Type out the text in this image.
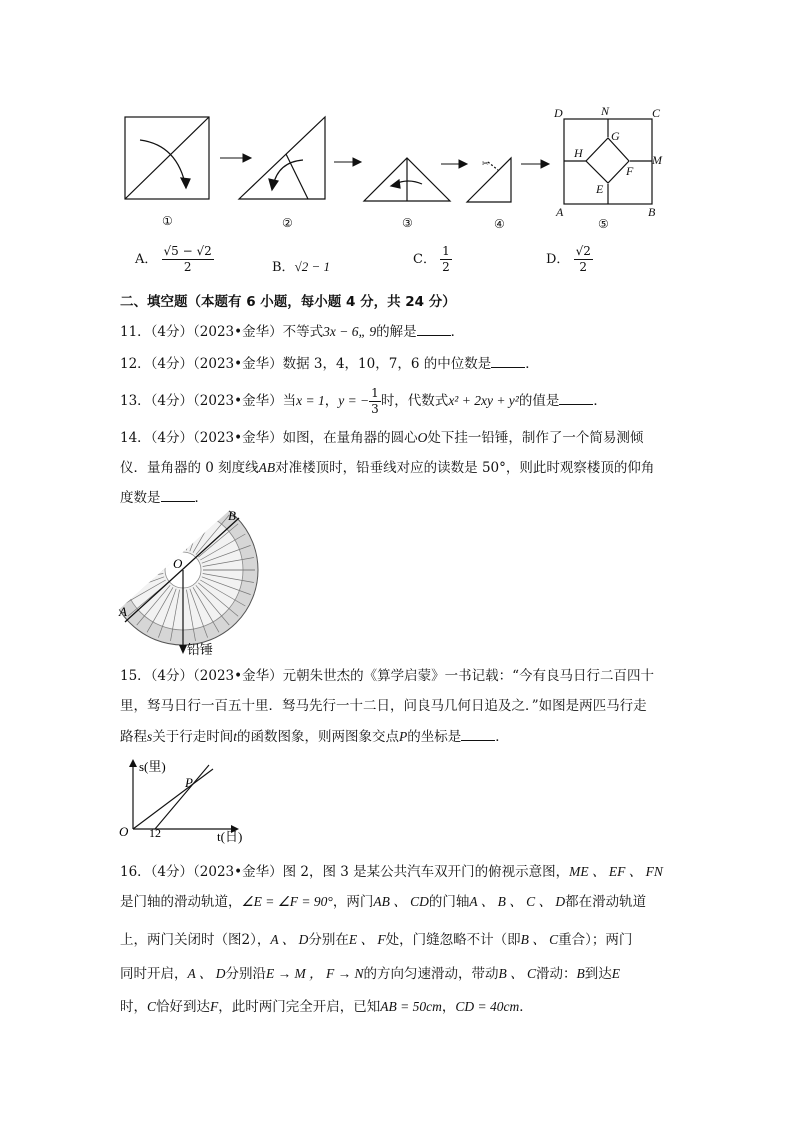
✂
D	N	C
G
H	M
F
E
A	B
①	②	③	④	⑤
A． $\frac{√5 - √2}{2}$	B．√2 − 1	C． $\frac{1}{2}$	D． $\frac{√2}{2}$
二、填空题（本题有 6 小题，每小题 4 分，共 24 分）
11．（4分）（2023•金华）不等式3x − 6„ 9的解是	．
12．（4分）（2023•金华）数据 3，4，10，7，6 的中位数是	．
13．（4分）（2023•金华）当x = 1，y = − $\frac{1}{3}$ 时，代数式x² + 2xy + y²的值是	．
14．（4分）（2023•金华）如图，在量角器的圆心O处下挂一铅锤，制作了一个简易测倾
仪．量角器的 0 刻度线AB对准楼顶时，铅垂线对应的读数是 50°，则此时观察楼顶的仰角
度数是	．
B
O
A
铅锤
15．（4分）（2023•金华）元朝朱世杰的《算学启蒙》一书记载：“今有良马日行二百四十
里，驽马日行一百五十里．驽马先行一十二日，问良马几何日追及之．”如图是两匹马行走
路程s关于行走时间t的函数图象，则两图象交点P的坐标是	．
s(里)
P
O 12	t(日)
16．（4分）（2023•金华）图 2，图 3 是某公共汽车双开门的俯视示意图，ME 、 EF 、 FN
是门轴的滑动轨道，∠E = ∠F = 90°，两门AB 、 CD的门轴A 、 B 、 C 、 D都在滑动轨道
上，两门关闭时（图2），A 、 D分别在E 、 F处，门缝忽略不计（即B 、 C重合）；两门
同时开启，A 、 D分别沿E → M ， F → N的方向匀速滑动，带动B 、 C滑动：B到达E
时，C恰好到达F，此时两门完全开启，已知AB = 50cm，CD = 40cm．
